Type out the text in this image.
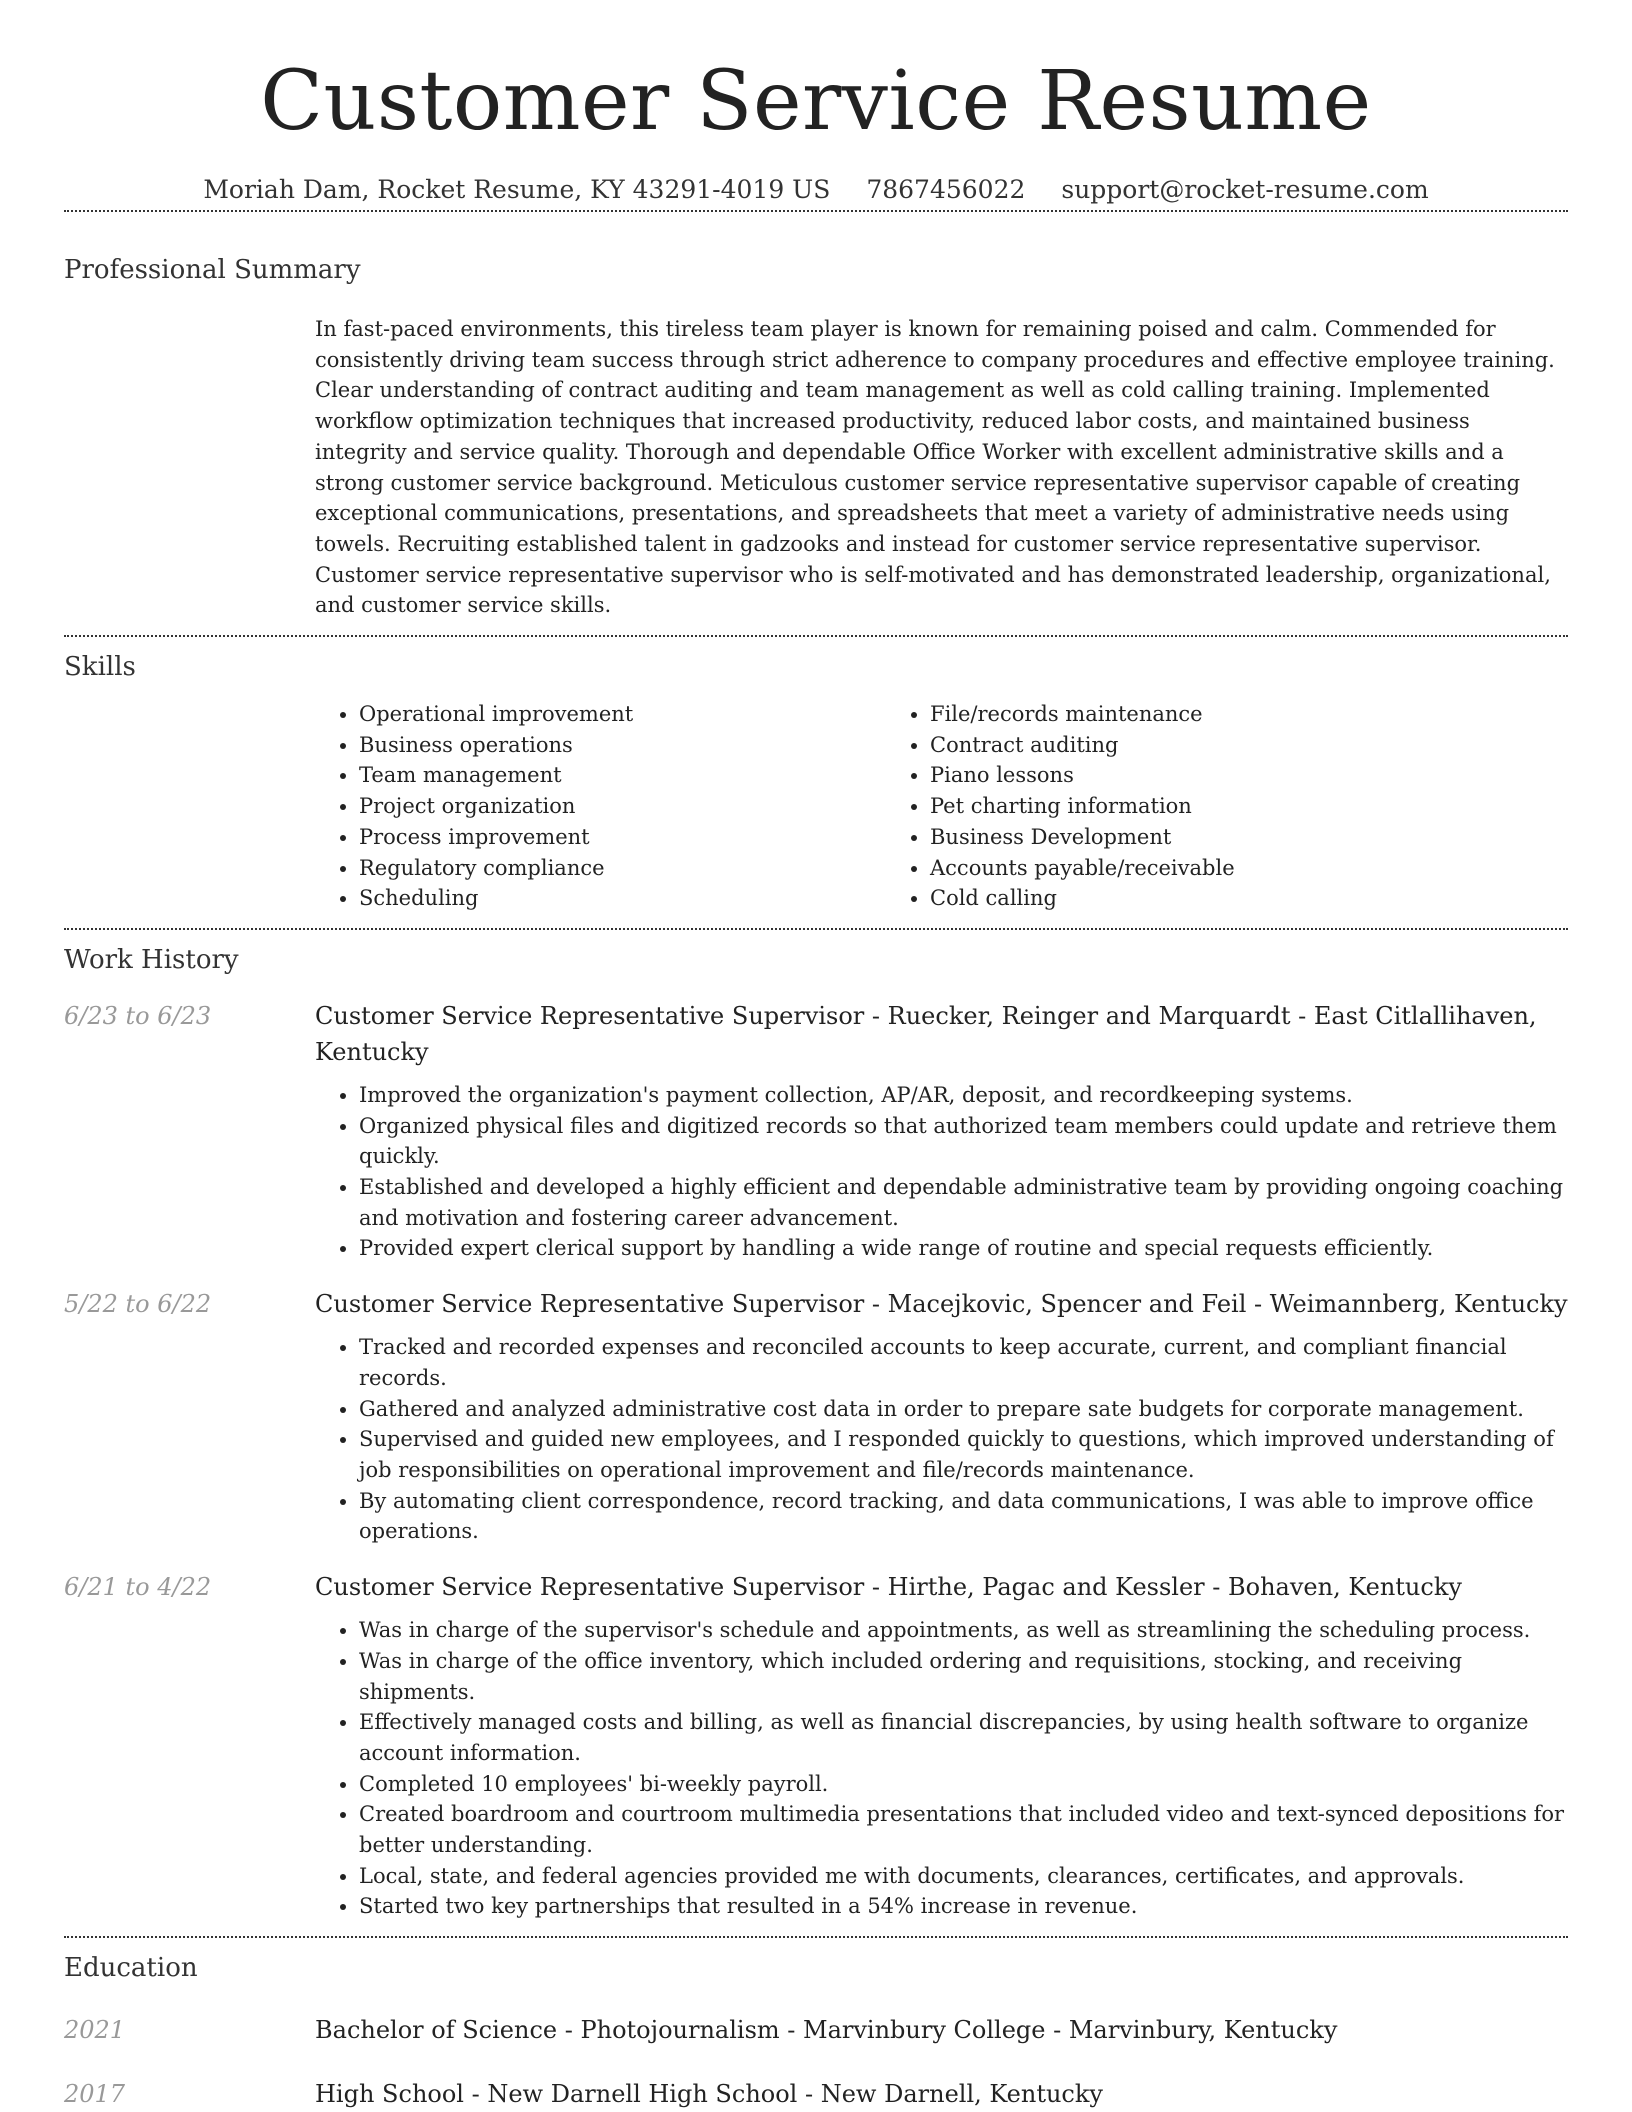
Customer Service Resume
Moriah Dam, Rocket Resume, KY 43291-4019 US 7867456022 support@rocket-resume.com
Professional Summary

In fast-paced environments, this tireless team player is known for remaining poised and calm. Commended for consistently driving team success through strict adherence to company procedures and effective employee training. Clear understanding of contract auditing and team management as well as cold calling training. Implemented workflow optimization techniques that increased productivity, reduced labor costs, and maintained business integrity and service quality. Thorough and dependable Office Worker with excellent administrative skills and a strong customer service background. Meticulous customer service representative supervisor capable of creating exceptional communications, presentations, and spreadsheets that meet a variety of administrative needs using towels. Recruiting established talent in gadzooks and instead for customer service representative supervisor. Customer service representative supervisor who is self-motivated and has demonstrated leadership, organizational, and customer service skills.

Skills
• Operational improvement
• Business operations
• Team management
• Project organization
• Process improvement
• Regulatory compliance
• Scheduling
• File/records maintenance
• Contract auditing
• Piano lessons
• Pet charting information
• Business Development
• Accounts payable/receivable
• Cold calling
Work History
6/23 to 6/23	Customer Service Representative Supervisor - Ruecker, Reinger and Marquardt - East Citlallihaven, Kentucky
• Improved the organization's payment collection, AP/AR, deposit, and recordkeeping systems.
• Organized physical files and digitized records so that authorized team members could update and retrieve them quickly.
• Established and developed a highly efficient and dependable administrative team by providing ongoing coaching and motivation and fostering career advancement.
• Provided expert clerical support by handling a wide range of routine and special requests efficiently.
5/22 to 6/22	Customer Service Representative Supervisor - Macejkovic, Spencer and Feil - Weimannberg, Kentucky
• Tracked and recorded expenses and reconciled accounts to keep accurate, current, and compliant financial records.
• Gathered and analyzed administrative cost data in order to prepare sate budgets for corporate management.
• Supervised and guided new employees, and I responded quickly to questions, which improved understanding of job responsibilities on operational improvement and file/records maintenance.
• By automating client correspondence, record tracking, and data communications, I was able to improve office operations.
6/21 to 4/22	Customer Service Representative Supervisor - Hirthe, Pagac and Kessler - Bohaven, Kentucky
• Was in charge of the supervisor's schedule and appointments, as well as streamlining the scheduling process.
• Was in charge of the office inventory, which included ordering and requisitions, stocking, and receiving shipments.
• Effectively managed costs and billing, as well as financial discrepancies, by using health software to organize account information.
• Completed 10 employees' bi-weekly payroll.
• Created boardroom and courtroom multimedia presentations that included video and text-synced depositions for better understanding.
• Local, state, and federal agencies provided me with documents, clearances, certificates, and approvals.
• Started two key partnerships that resulted in a 54% increase in revenue.
Education
2021	Bachelor of Science - Photojournalism - Marvinbury College - Marvinbury, Kentucky
2017	High School - New Darnell High School - New Darnell, Kentucky
